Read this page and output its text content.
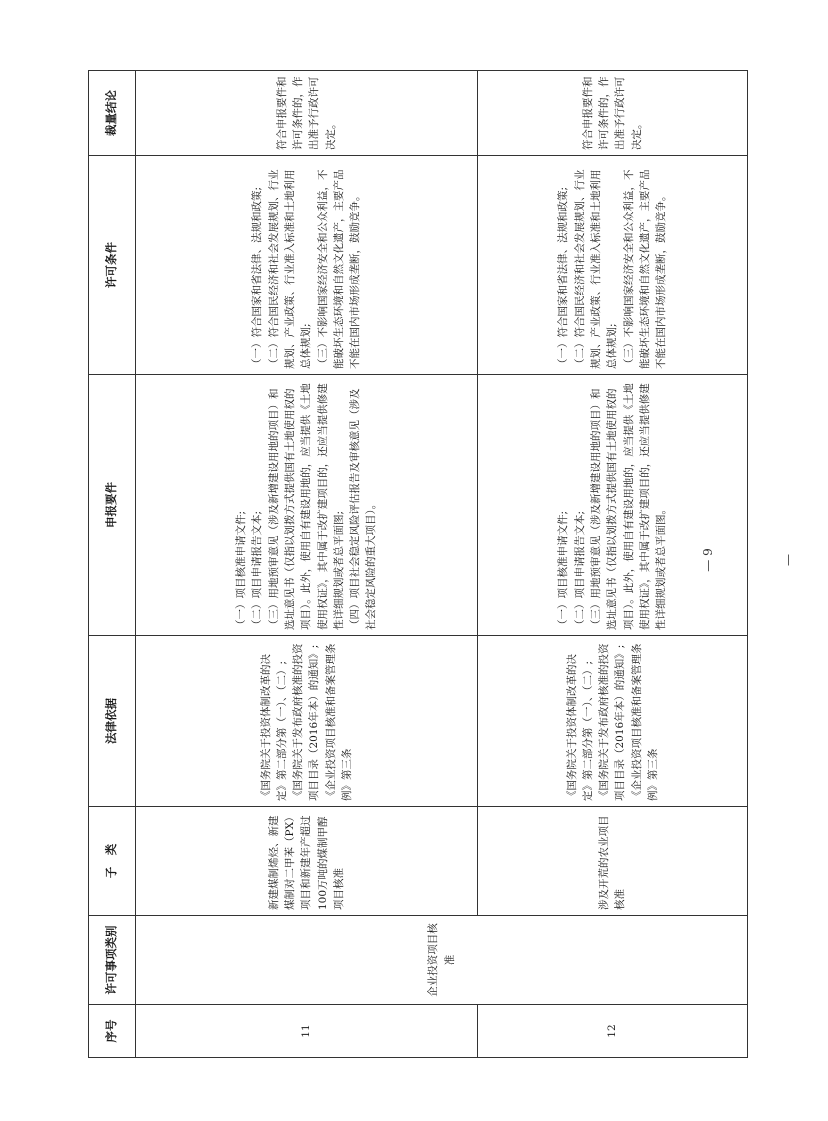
序号	许可事项类别	子　类	法律依据	申报要件	许可条件	裁量结论
11	企业投资项目核准	新建煤制烯烃、新建煤制对二甲苯（PX）项目和新建年产超过100万吨的煤制甲醇项目核准	《国务院关于投资体制改革的决定》第二部分第（一）、（二）;《国务院关于发布政府核准的投资项目目录（2016年本）的通知》;《企业投资项目核准和备案管理条例》第三条	（一）项目核准申请文件;
（二）项目申请报告文本;
（三）用地预审意见（涉及新增建设用地的项目）和选址意见书（仅指以划拨方式提供国有土地使用权的项目）。此外，使用自有建设用地的，应当提供《土地使用权证》，其中属于改扩建项目的，还应当提供修建性详细规划或者总平面图;
（四）项目社会稳定风险评估报告及审核意见（涉及社会稳定风险的重大项目）。	（一）符合国家和省法律、法规和政策;
（二）符合国民经济和社会发展规划、行业规划、产业政策、行业准入标准和土地利用总体规划;
（三）不影响国家经济安全和公众利益，不能破坏生态环境和自然文化遗产，主要产品不能在国内市场形成垄断，鼓励竞争。	符合申报要件和许可条件的，作出准予行政许可决定。
12		涉及开荒的农业项目核准	《国务院关于投资体制改革的决定》第二部分第（一）、（二）;《国务院关于发布政府核准的投资项目目录（2016年本）的通知》;《企业投资项目核准和备案管理条例》第三条	（一）项目核准申请文件;
（二）项目申请报告文本;
（三）用地预审意见（涉及新增建设用地的项目）和选址意见书（仅指以划拨方式提供国有土地使用权的项目）。此外，使用自有建设用地的，应当提供《土地使用权证》，其中属于改扩建项目的，还应当提供修建性详细规划或者总平面图。	（一）符合国家和省法律、法规和政策;
（二）符合国民经济和社会发展规划、行业规划、产业政策、行业准入标准和土地利用总体规划;
（三）不影响国家经济安全和公众利益，不能破坏生态环境和自然文化遗产，主要产品不能在国内市场形成垄断，鼓励竞争。	符合申报要件和许可条件的，作出准予行政许可决定。
— 9 —
